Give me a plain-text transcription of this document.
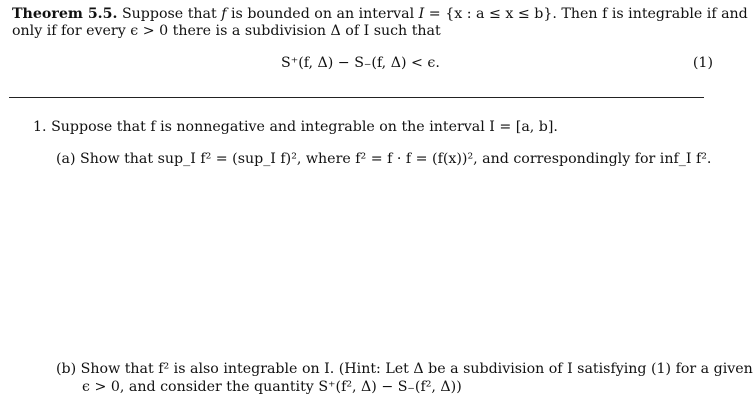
Theorem 5.5. Suppose that f is bounded on an interval I = {x : a ≤ x ≤ b}. Then f is integrable if and
only if for every ϵ > 0 there is a subdivision Δ of I such that
S⁺(f, Δ) − S₋(f, Δ) < ϵ.	(1)
1. Suppose that f is nonnegative and integrable on the interval I = [a, b].
(a) Show that sup_I f² = (sup_I f)², where f² = f · f = (f(x))², and correspondingly for inf_I f².
(b) Show that f² is also integrable on I. (Hint: Let Δ be a subdivision of I satisfying (1) for a given
ϵ > 0, and consider the quantity S⁺(f², Δ) − S₋(f², Δ))
